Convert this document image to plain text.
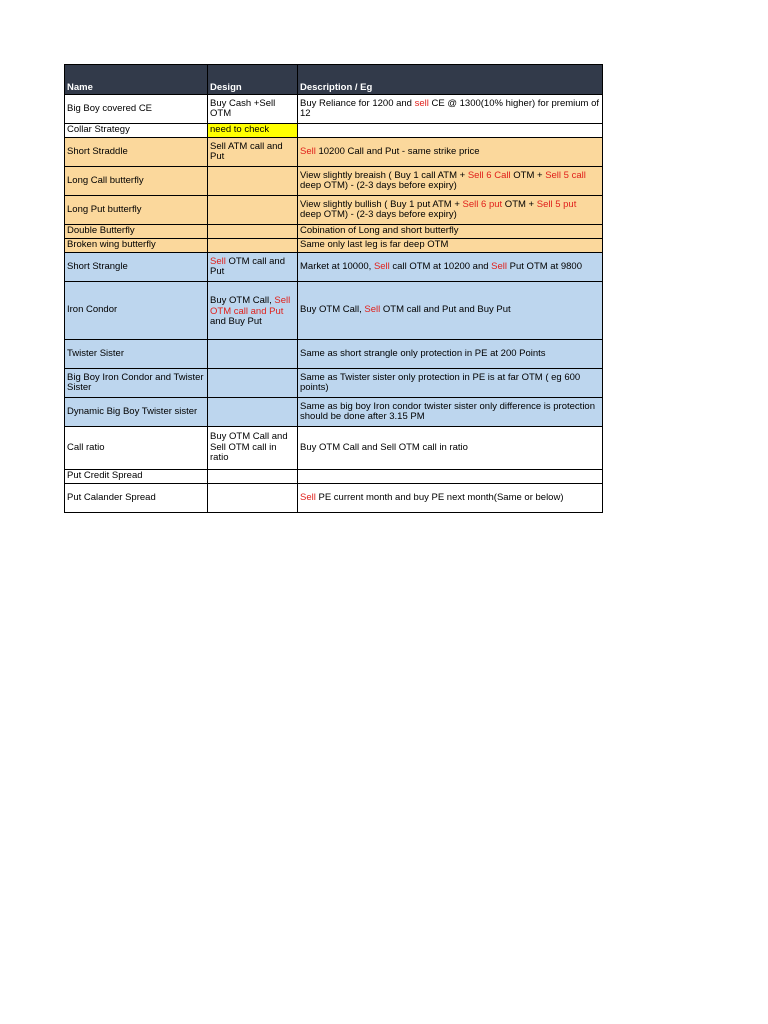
Name	Design	Description / Eg
Big Boy covered CE	Buy Cash +Sell OTM	Buy Reliance for 1200 and sell CE @ 1300(10% higher) for premium of 12
Collar Strategy	need to check	
Short Straddle	Sell ATM call and Put	Sell 10200 Call and Put - same strike price
Long Call butterfly		View slightly breaish ( Buy 1 call ATM + Sell 6 Call OTM + Sell 5 call deep OTM) - (2-3 days before expiry)
Long Put butterfly		View slightly bullish ( Buy 1 put ATM + Sell 6 put OTM + Sell 5 put deep OTM) - (2-3 days before expiry)
Double Butterfly		Cobination of Long and short butterfly
Broken wing butterfly		Same only last leg is far deep OTM
Short Strangle	Sell OTM call and Put	Market at 10000, Sell call OTM at 10200 and Sell Put OTM at 9800
Iron Condor	Buy OTM Call, Sell OTM call and Put and Buy Put	Buy OTM Call, Sell OTM call and Put and Buy Put
Twister Sister		Same as short strangle only protection in PE at 200 Points
Big Boy Iron Condor and Twister Sister		Same as Twister sister only protection in PE is at far OTM ( eg 600 points)
Dynamic Big Boy Twister sister		Same as big boy Iron condor twister sister only difference is protection should be done after 3.15 PM
Call ratio	Buy OTM Call and Sell OTM call in ratio	Buy OTM Call and Sell OTM call in ratio
Put Credit Spread		
Put Calander Spread		Sell PE current month and buy PE next month(Same or below)
